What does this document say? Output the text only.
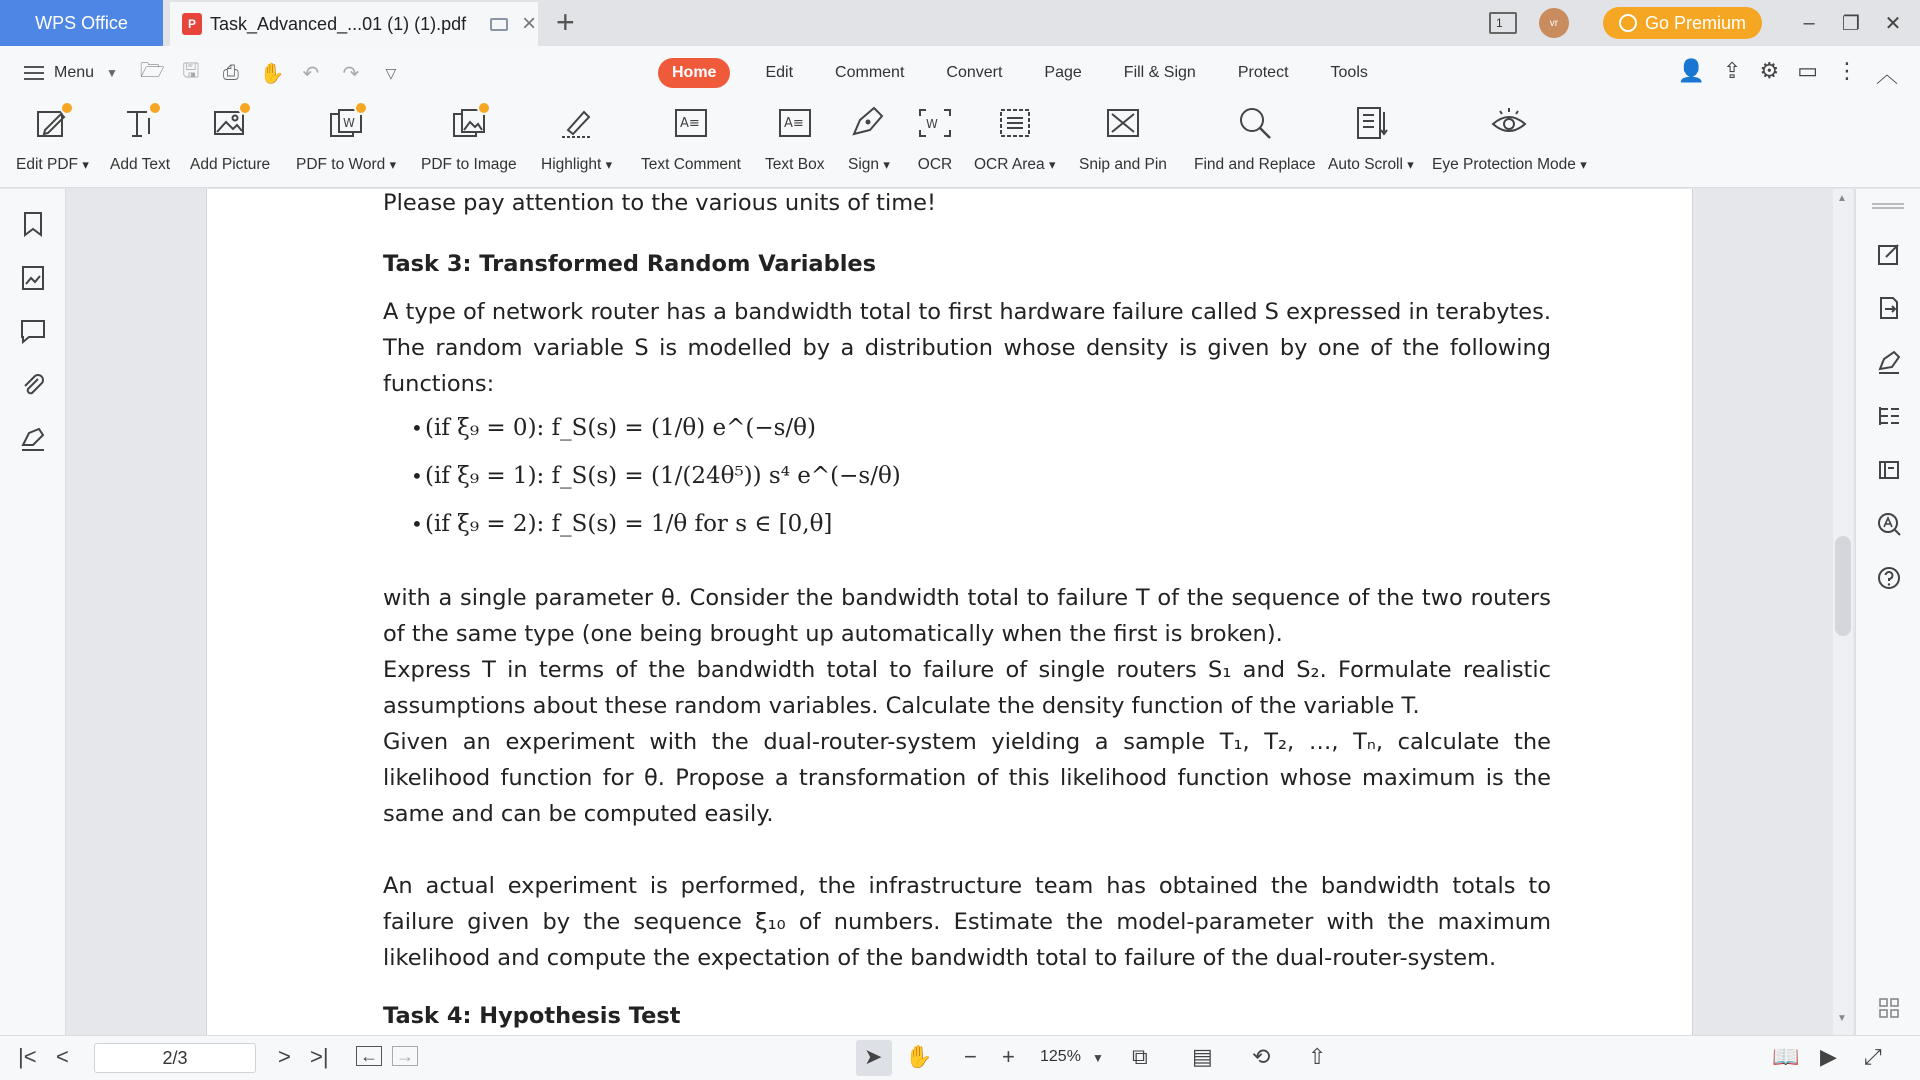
WPS Office	P Task_Advanced_...01 (1) (1).pdf × +	1	vr	Go Premium	–	❐	✕
Menu ▼ 🗁 🖫 ⎙ ✋ ↶ ↷	▽	Home	Edit	Comment	Convert	Page	Fill & Sign	Protect	Tools	👤 ⇪ ⚙ ▭ ⋮ ︿
Edit PDF ▾ Add Text Add Picture
W
PDF to Word ▾ PDF to Image Highlight ▾
A≡
Text Comment
A≡
Text Box Sign ▾
W
OCR OCR Area ▾ Snip and Pin Find and Replace Auto Scroll ▾ Eye Protection Mode ▾

Please pay attention to the various units of time!

Task 3: Transformed Random Variables

A type of network router has a bandwidth total to first hardware failure called S expressed in terabytes. The random variable S is modelled by a distribution whose density is given by one of the following functions:

• (if ξ₉ = 0): f_S(s) = (1/θ) e^(−s/θ)
• (if ξ₉ = 1): f_S(s) = (1/(24θ⁵)) s⁴ e^(−s/θ)
• (if ξ₉ = 2): f_S(s) = 1/θ for s ∈ [0,θ]

with a single parameter θ. Consider the bandwidth total to failure T of the sequence of the two routers of the same type (one being brought up automatically when the first is broken).

Express T in terms of the bandwidth total to failure of single routers S₁ and S₂. Formulate realistic assumptions about these random variables. Calculate the density function of the variable T.

Given an experiment with the dual-router-system yielding a sample T₁, T₂, …, Tₙ, calculate the likelihood function for θ. Propose a transformation of this likelihood function whose maximum is the same and can be computed easily.

An actual experiment is performed, the infrastructure team has obtained the bandwidth totals to failure given by the sequence ξ₁₀ of numbers. Estimate the model-parameter with the maximum likelihood and compute the expectation of the bandwidth total to failure of the dual-router-system.

Task 4: Hypothesis Test

▲
▼
|< <	2/3	> >| ← →	➤ ✋ − + 125% ▼ ⧉ ▤ ⟲ ⇧	📖 ▶ ⤢
